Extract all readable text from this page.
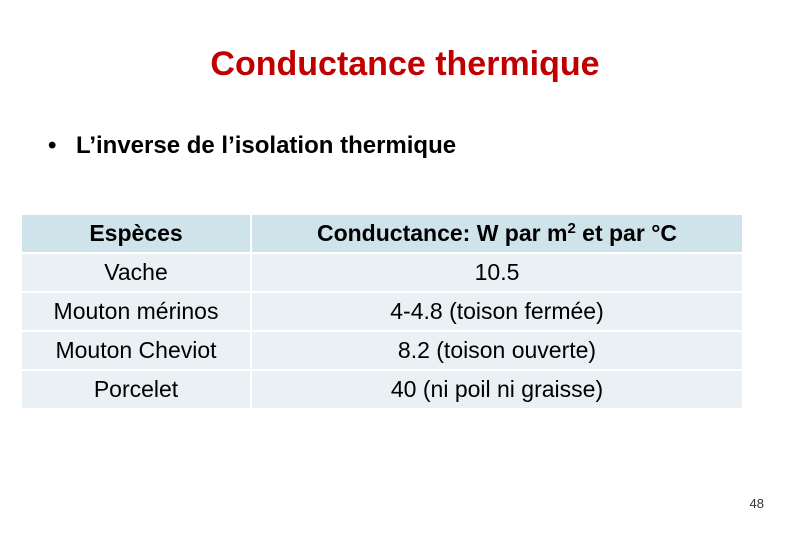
Conductance thermique
• L’inverse de l’isolation thermique
Espèces	Conductance: W par $m^2$ et par °C
Vache	10.5
Mouton mérinos	4-4.8 (toison fermée)
Mouton Cheviot	8.2 (toison ouverte)
Porcelet	40 (ni poil ni graisse)
48
